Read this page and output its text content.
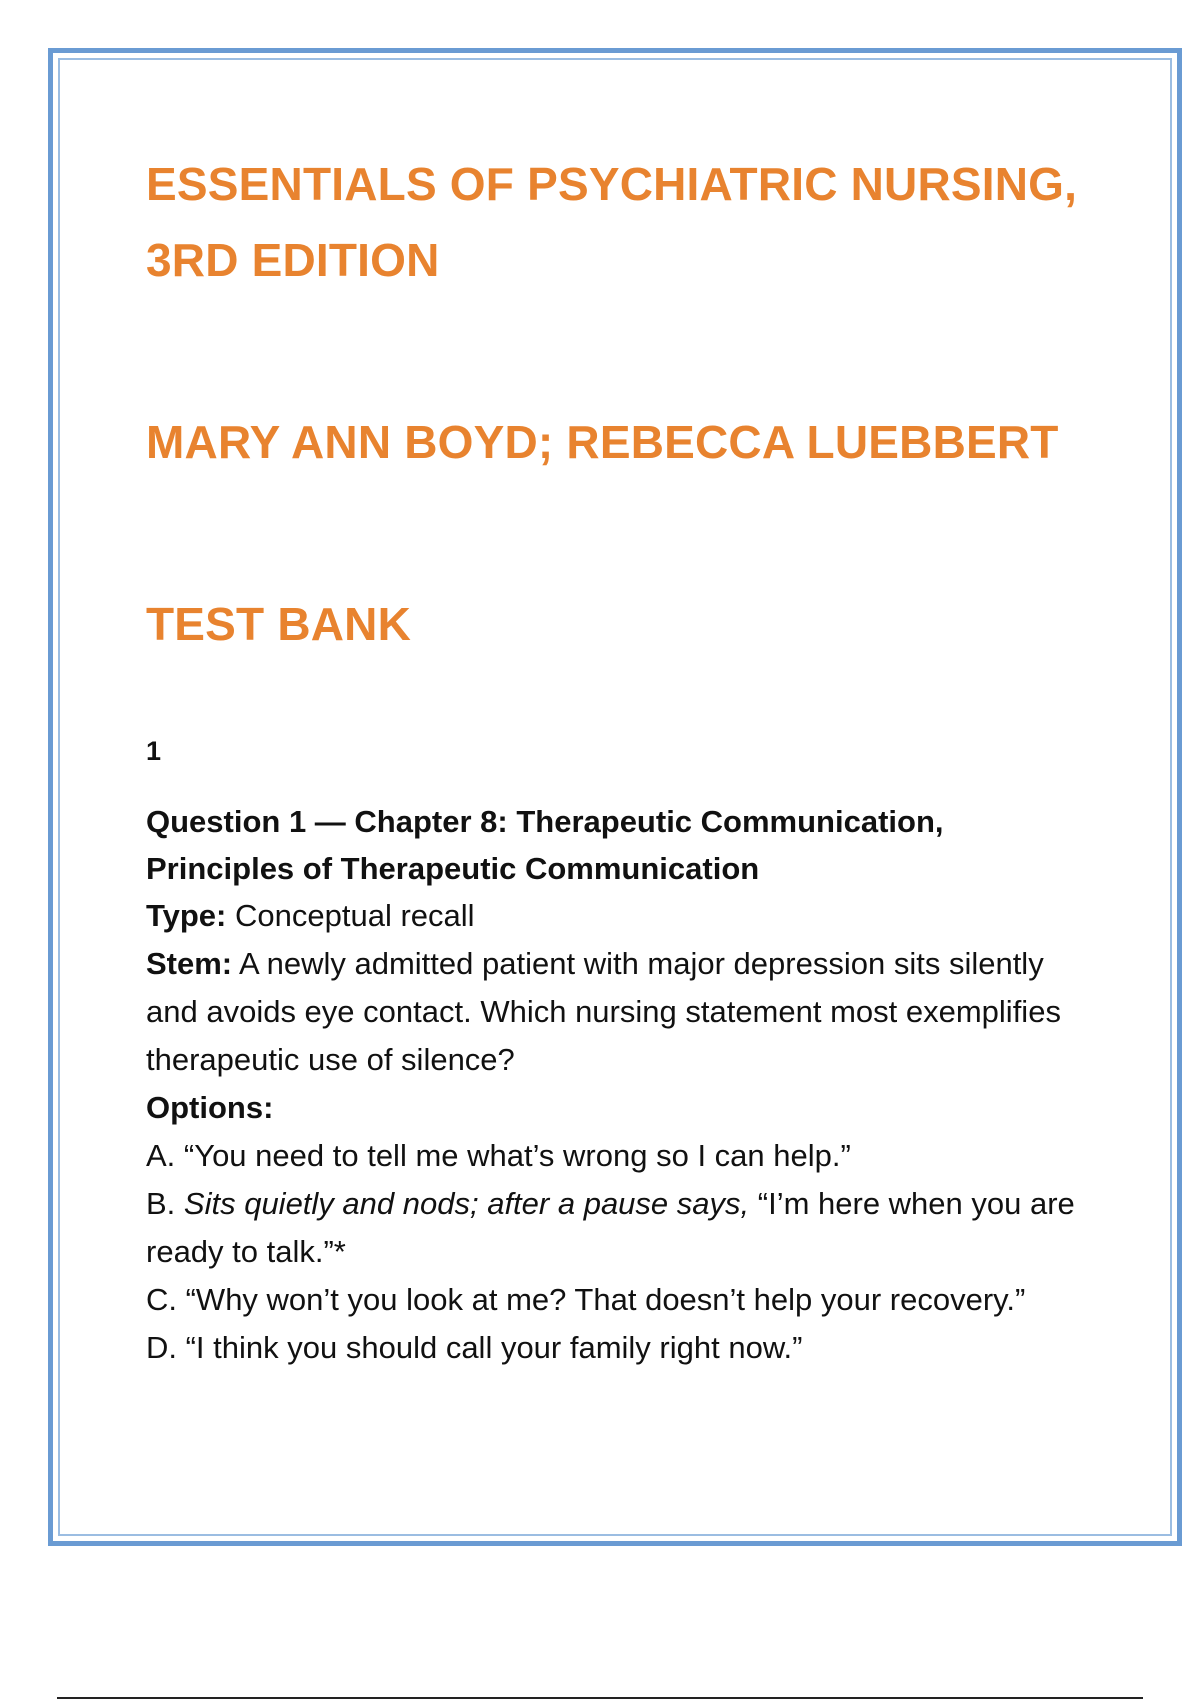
ESSENTIALS OF PSYCHIATRIC NURSING,
3RD EDITION
MARY ANN BOYD; REBECCA LUEBBERT
TEST BANK
1
Question 1 — Chapter 8: Therapeutic Communication,
Principles of Therapeutic Communication
Type: Conceptual recall
Stem: A newly admitted patient with major depression sits silently and avoids eye contact. Which nursing statement most exemplifies therapeutic use of silence?
Options:
A. “You need to tell me what’s wrong so I can help.”
B. Sits quietly and nods; after a pause says, “I’m here when you are ready to talk.”*
C. “Why won’t you look at me? That doesn’t help your recovery.”
D. “I think you should call your family right now.”
